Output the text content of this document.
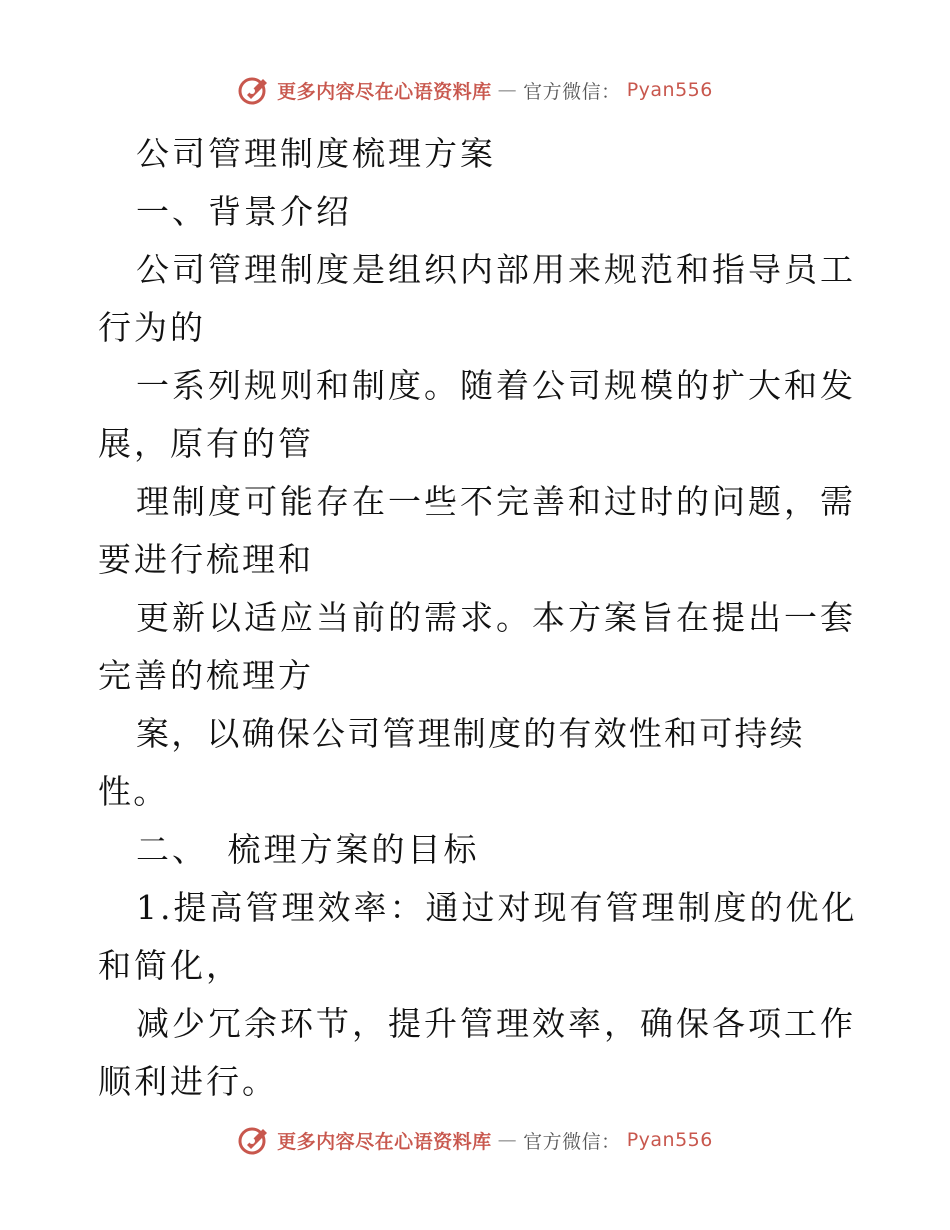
更多内容尽在心语资料库 — 官方微信： Pyan556

公司管理制度梳理方案

一、背景介绍

公司管理制度是组织内部用来规范和指导员工行为的

一系列规则和制度。随着公司规模的扩大和发展，原有的管

理制度可能存在一些不完善和过时的问题，需要进行梳理和

更新以适应当前的需求。本方案旨在提出一套完善的梳理方

案，以确保公司管理制度的有效性和可持续性。

二、　梳理方案的目标

1.提高管理效率：通过对现有管理制度的优化和简化，

减少冗余环节，提升管理效率，确保各项工作顺利进行。

更多内容尽在心语资料库 — 官方微信： Pyan556
